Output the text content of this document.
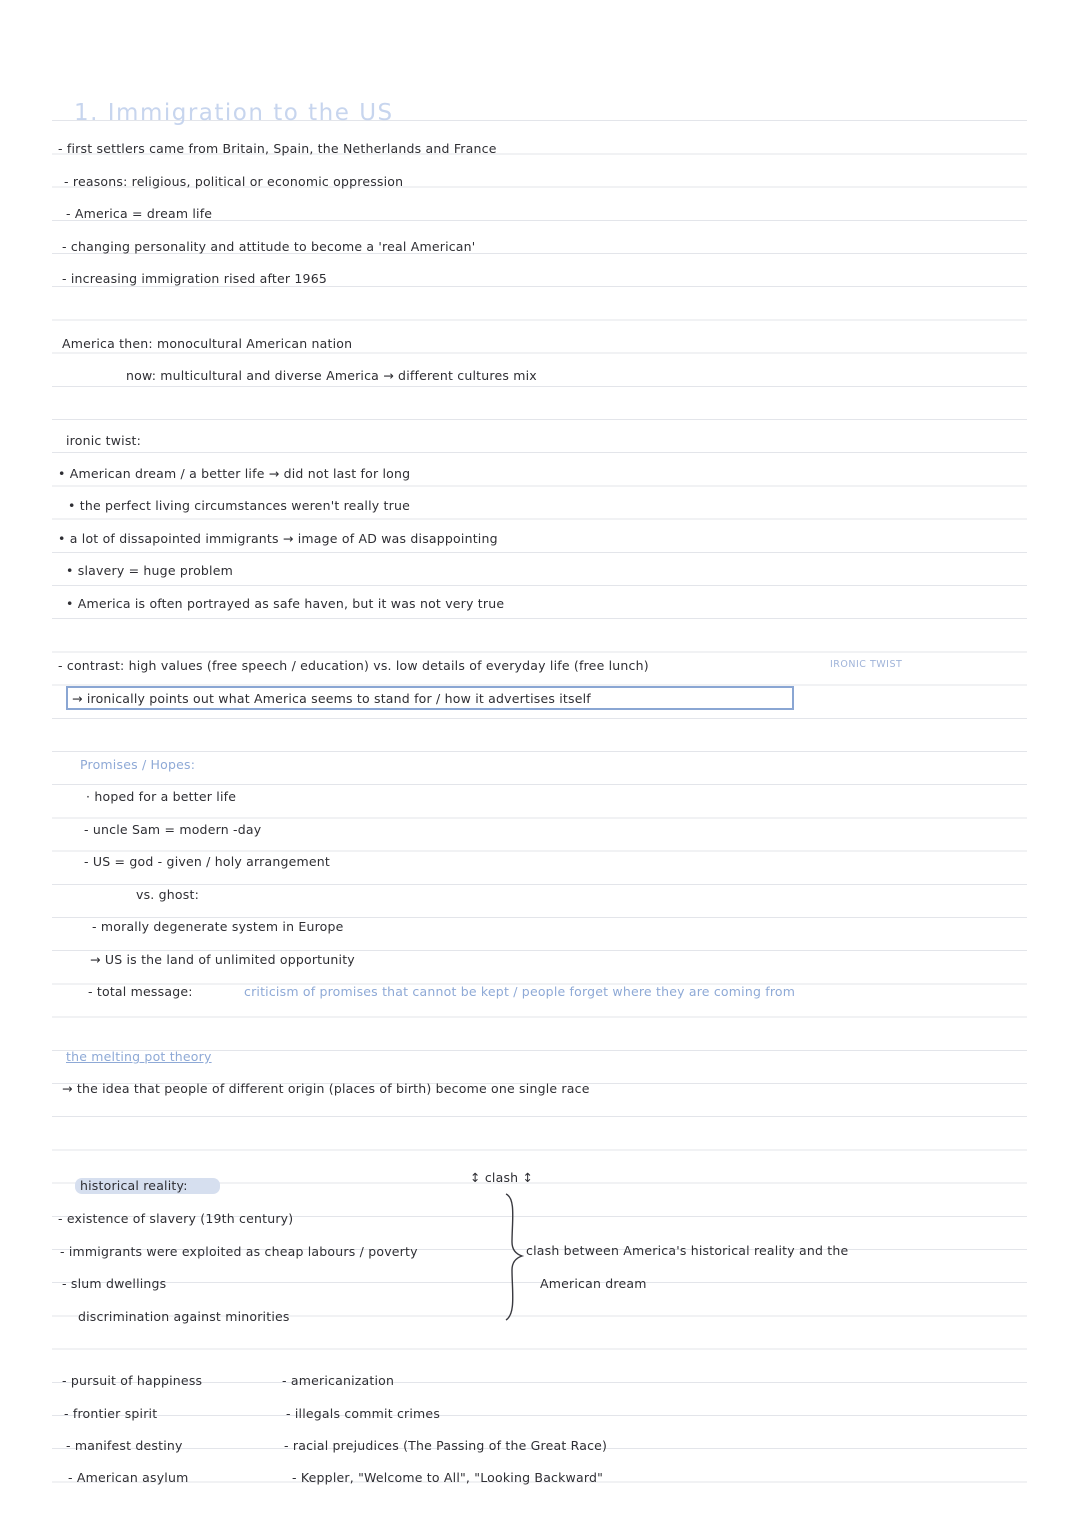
1. Immigration to the US
- first settlers came from Britain, Spain, the Netherlands and France
- reasons: religious, political or economic oppression
- America = dream life
- changing personality and attitude to become a 'real American'
- increasing immigration rised after 1965
America then: monocultural American nation
now: multicultural and diverse America → different cultures mix
ironic twist:
• American dream / a better life → did not last for long
• the perfect living circumstances weren't really true
• a lot of dissapointed immigrants → image of AD was disappointing
• slavery = huge problem
• America is often portrayed as safe haven, but it was not very true
- contrast: high values (free speech / education) vs. low details of everyday life (free lunch)	IRONIC TWIST
→ ironically points out what America seems to stand for / how it advertises itself
Promises / Hopes:
· hoped for a better life
- uncle Sam = modern -day
- US = god - given / holy arrangement
vs. ghost:
- morally degenerate system in Europe
→ US is the land of unlimited opportunity
- total message:	criticism of promises that cannot be kept / people forget where they are coming from
the melting pot theory
→ the idea that people of different origin (places of birth) become one single race
historical reality:
↕ clash ↕
- existence of slavery (19th century)
- immigrants were exploited as cheap labours / poverty
- slum dwellings
discrimination against minorities
clash between America's historical reality and the
American dream
- pursuit of happiness
- frontier spirit
- manifest destiny
- American asylum
- americanization
- illegals commit crimes
- racial prejudices (The Passing of the Great Race)
- Keppler, "Welcome to All", "Looking Backward"
